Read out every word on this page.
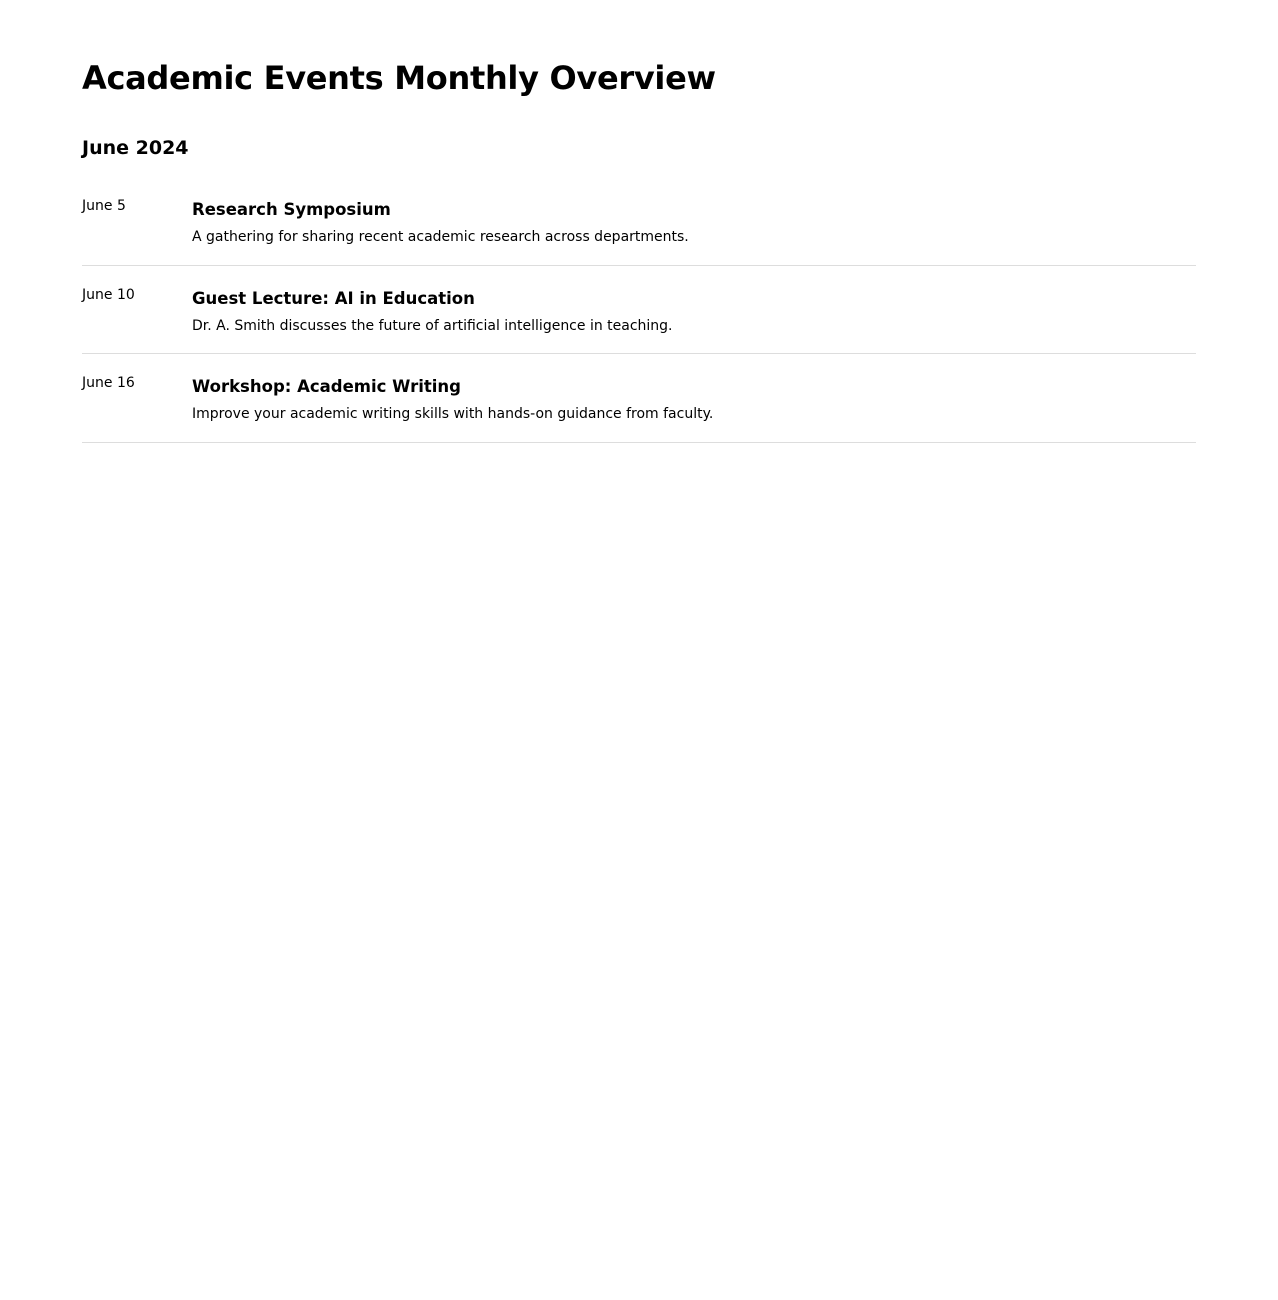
Academic Events Monthly Overview
June 2024
June 5	Research Symposium
A gathering for sharing recent academic research across departments.
June 10	Guest Lecture: AI in Education
Dr. A. Smith discusses the future of artificial intelligence in teaching.
June 16	Workshop: Academic Writing
Improve your academic writing skills with hands-on guidance from faculty.
